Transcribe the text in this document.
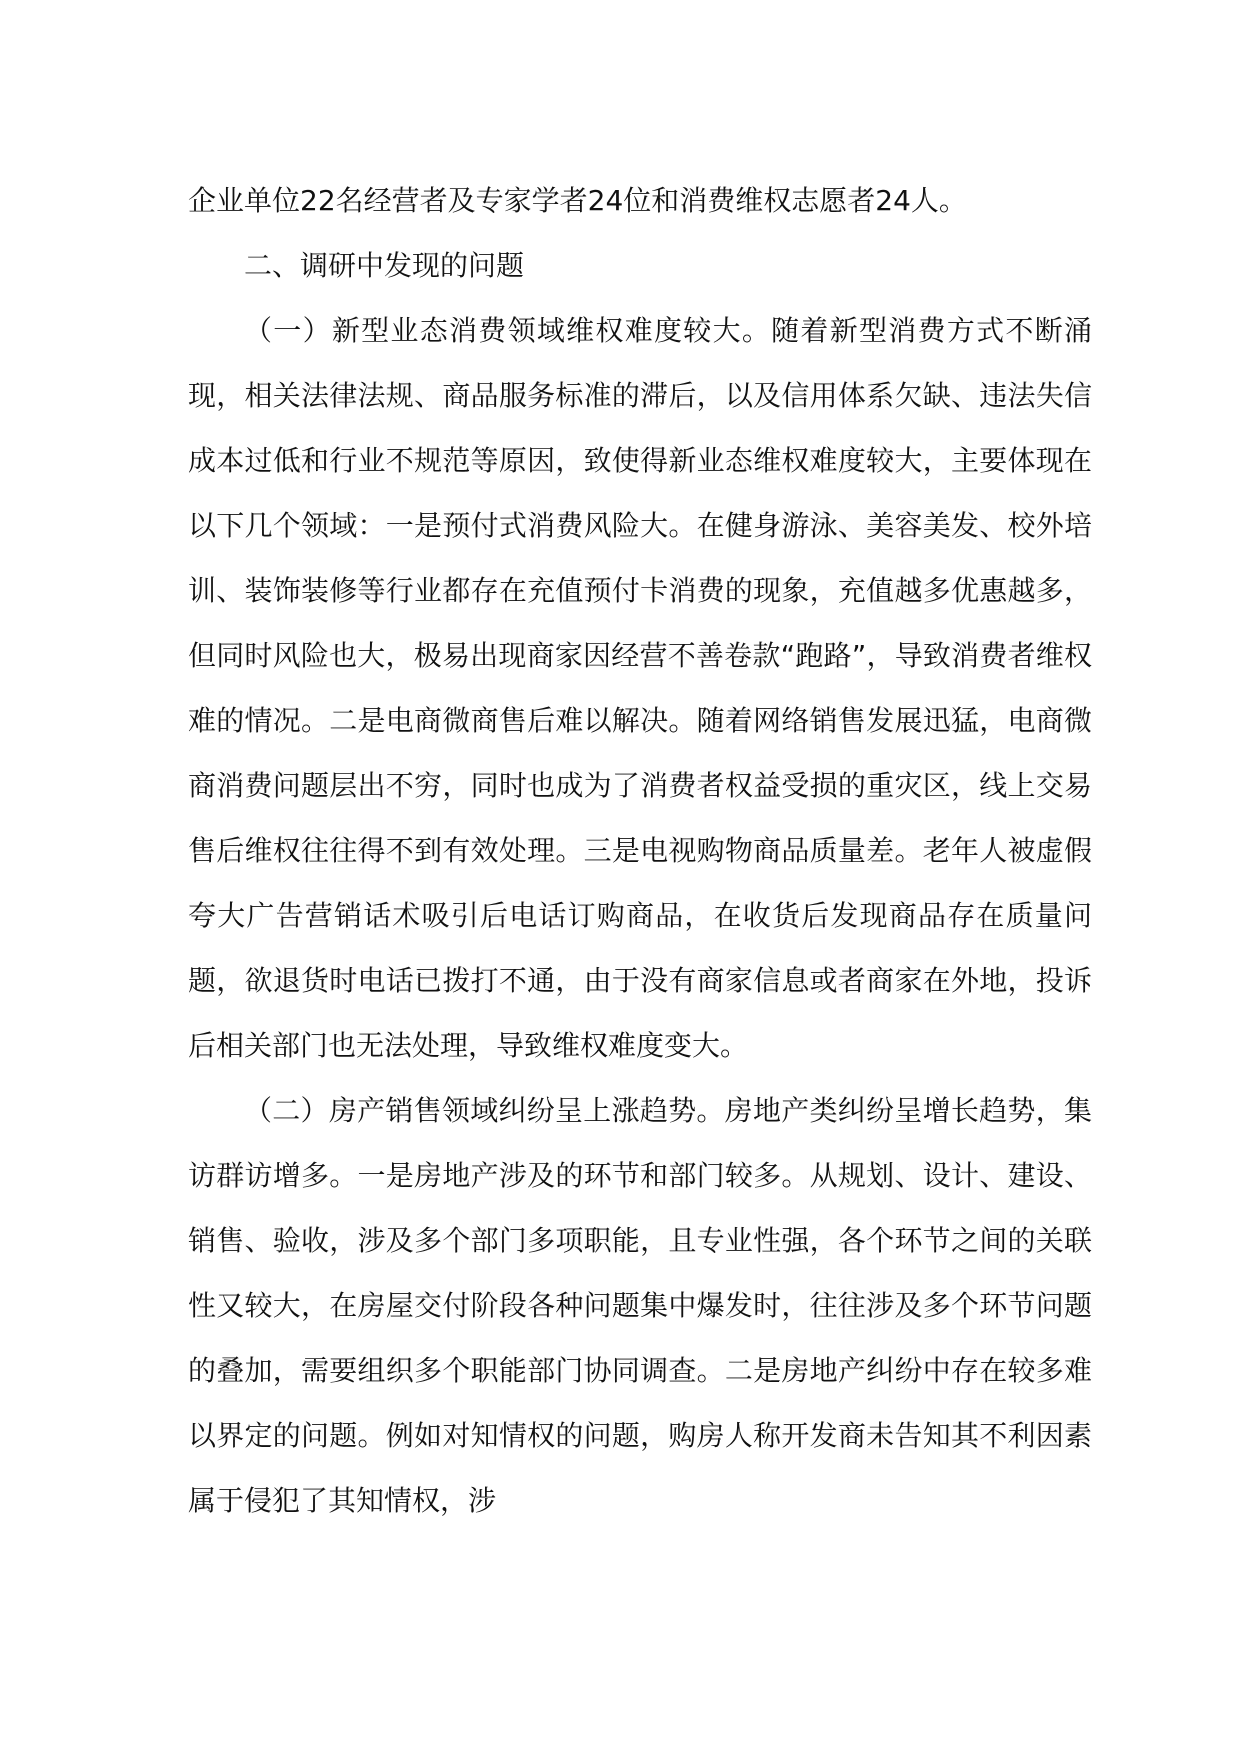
企业单位22名经营者及专家学者24位和消费维权志愿者24人。

二、调研中发现的问题

（一）新型业态消费领域维权难度较大。随着新型消费方式不断涌现，相关法律法规、商品服务标准的滞后，以及信用体系欠缺、违法失信成本过低和行业不规范等原因，致使得新业态维权难度较大，主要体现在以下几个领域：一是预付式消费风险大。在健身游泳、美容美发、校外培训、装饰装修等行业都存在充值预付卡消费的现象，充值越多优惠越多，但同时风险也大，极易出现商家因经营不善卷款“跑路”，导致消费者维权难的情况。二是电商微商售后难以解决。随着网络销售发展迅猛，电商微商消费问题层出不穷，同时也成为了消费者权益受损的重灾区，线上交易售后维权往往得不到有效处理。三是电视购物商品质量差。老年人被虚假夸大广告营销话术吸引后电话订购商品，在收货后发现商品存在质量问题，欲退货时电话已拨打不通，由于没有商家信息或者商家在外地，投诉后相关部门也无法处理，导致维权难度变大。

（二）房产销售领域纠纷呈上涨趋势。房地产类纠纷呈增长趋势，集访群访增多。一是房地产涉及的环节和部门较多。从规划、设计、建设、销售、验收，涉及多个部门多项职能，且专业性强，各个环节之间的关联性又较大，在房屋交付阶段各种问题集中爆发时，往往涉及多个环节问题的叠加，需要组织多个职能部门协同调查。二是房地产纠纷中存在较多难以界定的问题。例如对知情权的问题，购房人称开发商未告知其不利因素属于侵犯了其知情权，涉
